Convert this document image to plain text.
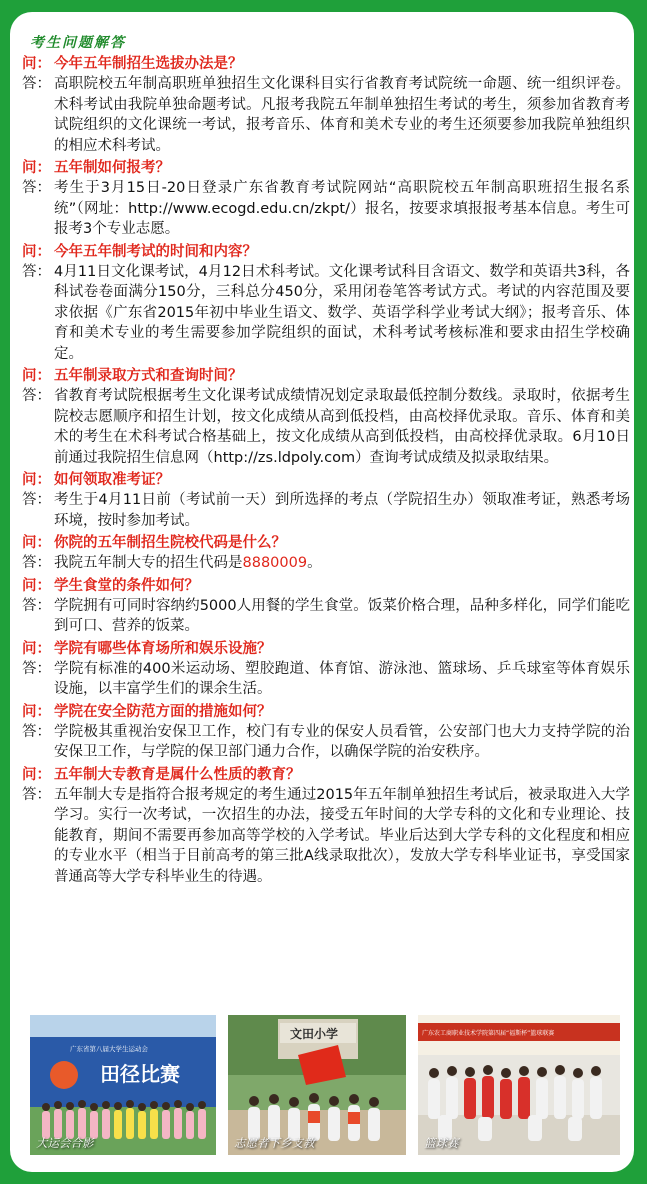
考生问题解答
问： 今年五年制招生选拔办法是？
答： 高职院校五年制高职班单独招生文化课科目实行省教育考试院统一命题、统一组织评卷。术科考试由我院单独命题考试。凡报考我院五年制单独招生考试的考生，须参加省教育考试院组织的文化课统一考试，报考音乐、体育和美术专业的考生还须要参加我院单独组织的相应术科考试。
问： 五年制如何报考？
答： 考生于3月15日-20日登录广东省教育考试院网站“高职院校五年制高职班招生报名系统”（网址：http://www.ecogd.edu.cn/zkpt/）报名，按要求填报报考基本信息。考生可报考3个专业志愿。
问： 今年五年制考试的时间和内容？
答： 4月11日文化课考试，4月12日术科考试。文化课考试科目含语文、数学和英语共3科，各科试卷卷面满分150分，三科总分450分，采用闭卷笔答考试方式。考试的内容范围及要求依据《广东省2015年初中毕业生语文、数学、英语学科学业考试大纲》；报考音乐、体育和美术专业的考生需要参加学院组织的面试，术科考试考核标准和要求由招生学校确定。
问： 五年制录取方式和查询时间？
答： 省教育考试院根据考生文化课考试成绩情况划定录取最低控制分数线。录取时，依据考生院校志愿顺序和招生计划，按文化成绩从高到低投档，由高校择优录取。音乐、体育和美术的考生在术科考试合格基础上，按文化成绩从高到低投档，由高校择优录取。6月10日前通过我院招生信息网（http://zs.ldpoly.com）查询考试成绩及拟录取结果。
问： 如何领取准考证？
答： 考生于4月11日前（考试前一天）到所选择的考点（学院招生办）领取准考证，熟悉考场环境，按时参加考试。
问： 你院的五年制招生院校代码是什么？
答： 我院五年制大专的招生代码是8880009。
问： 学生食堂的条件如何？
答： 学院拥有可同时容纳约5000人用餐的学生食堂。饭菜价格合理，品种多样化，同学们能吃到可口、营养的饭菜。
问： 学院有哪些体育场所和娱乐设施？
答： 学院有标准的400米运动场、塑胶跑道、体育馆、游泳池、篮球场、乒乓球室等体育娱乐设施，以丰富学生们的课余生活。
问： 学院在安全防范方面的措施如何？
答： 学院极其重视治安保卫工作，校门有专业的保安人员看管，公安部门也大力支持学院的治安保卫工作，与学院的保卫部门通力合作，以确保学院的治安秩序。
问： 五年制大专教育是属什么性质的教育？
答： 五年制大专是指符合报考规定的考生通过2015年五年制单独招生考试后，被录取进入大学学习。实行一次考试，一次招生的办法，接受五年时间的大学专科的文化和专业理论、技能教育，期间不需要再参加高等学校的入学考试。毕业后达到大学专科的文化程度和相应的专业水平（相当于目前高考的第三批A线录取批次），发放大学专科毕业证书，享受国家普通高等大学专科毕业生的待遇。
广东省第八届大学生运动会
田径比赛
大运会合影
文田小学
志愿者下乡支教
广东农工商职业技术学院第四届“福斯杯”篮球联赛
篮球赛
